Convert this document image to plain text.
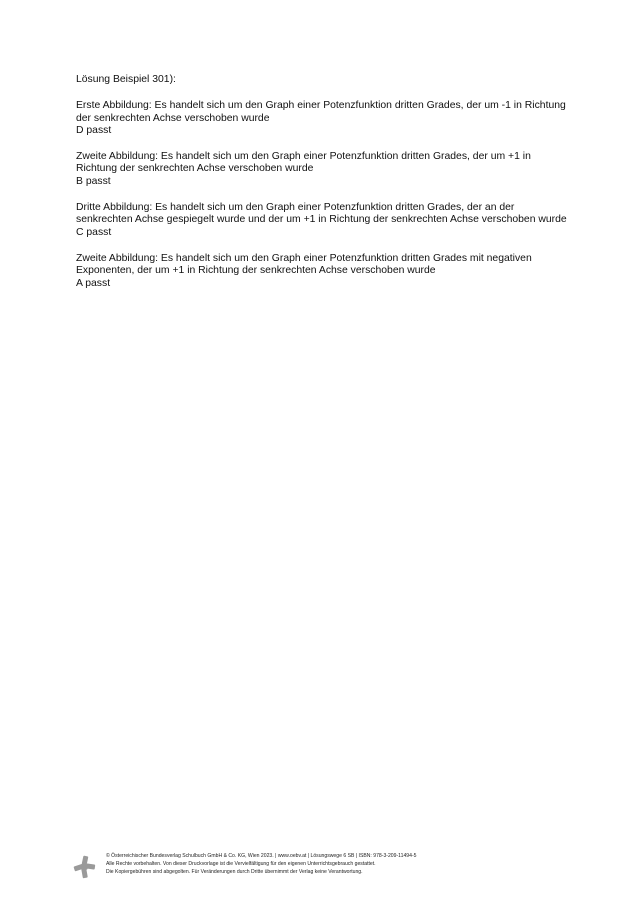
Lösung Beispiel 301):

Erste Abbildung: Es handelt sich um den Graph einer Potenzfunktion dritten Grades, der um -1 in Richtung
der senkrechten Achse verschoben wurde
D passt
Zweite Abbildung: Es handelt sich um den Graph einer Potenzfunktion dritten Grades, der um +1 in
Richtung der senkrechten Achse verschoben wurde
B passt
Dritte Abbildung: Es handelt sich um den Graph einer Potenzfunktion dritten Grades, der an der
senkrechten Achse gespiegelt wurde und der um +1 in Richtung der senkrechten Achse verschoben wurde
C passt
Zweite Abbildung: Es handelt sich um den Graph einer Potenzfunktion dritten Grades mit negativen
Exponenten, der um +1 in Richtung der senkrechten Achse verschoben wurde
A passt
© Österreichischer Bundesverlag Schulbuch GmbH & Co. KG, Wien 2023. | www.oebv.at | Lösungswege 6 SB | ISBN: 978-3-209-11494-5
Alle Rechte vorbehalten. Von dieser Druckvorlage ist die Vervielfältigung für den eigenen Unterrichtsgebrauch gestattet.
Die Kopiergebühren sind abgegolten. Für Veränderungen durch Dritte übernimmt der Verlag keine Verantwortung.
